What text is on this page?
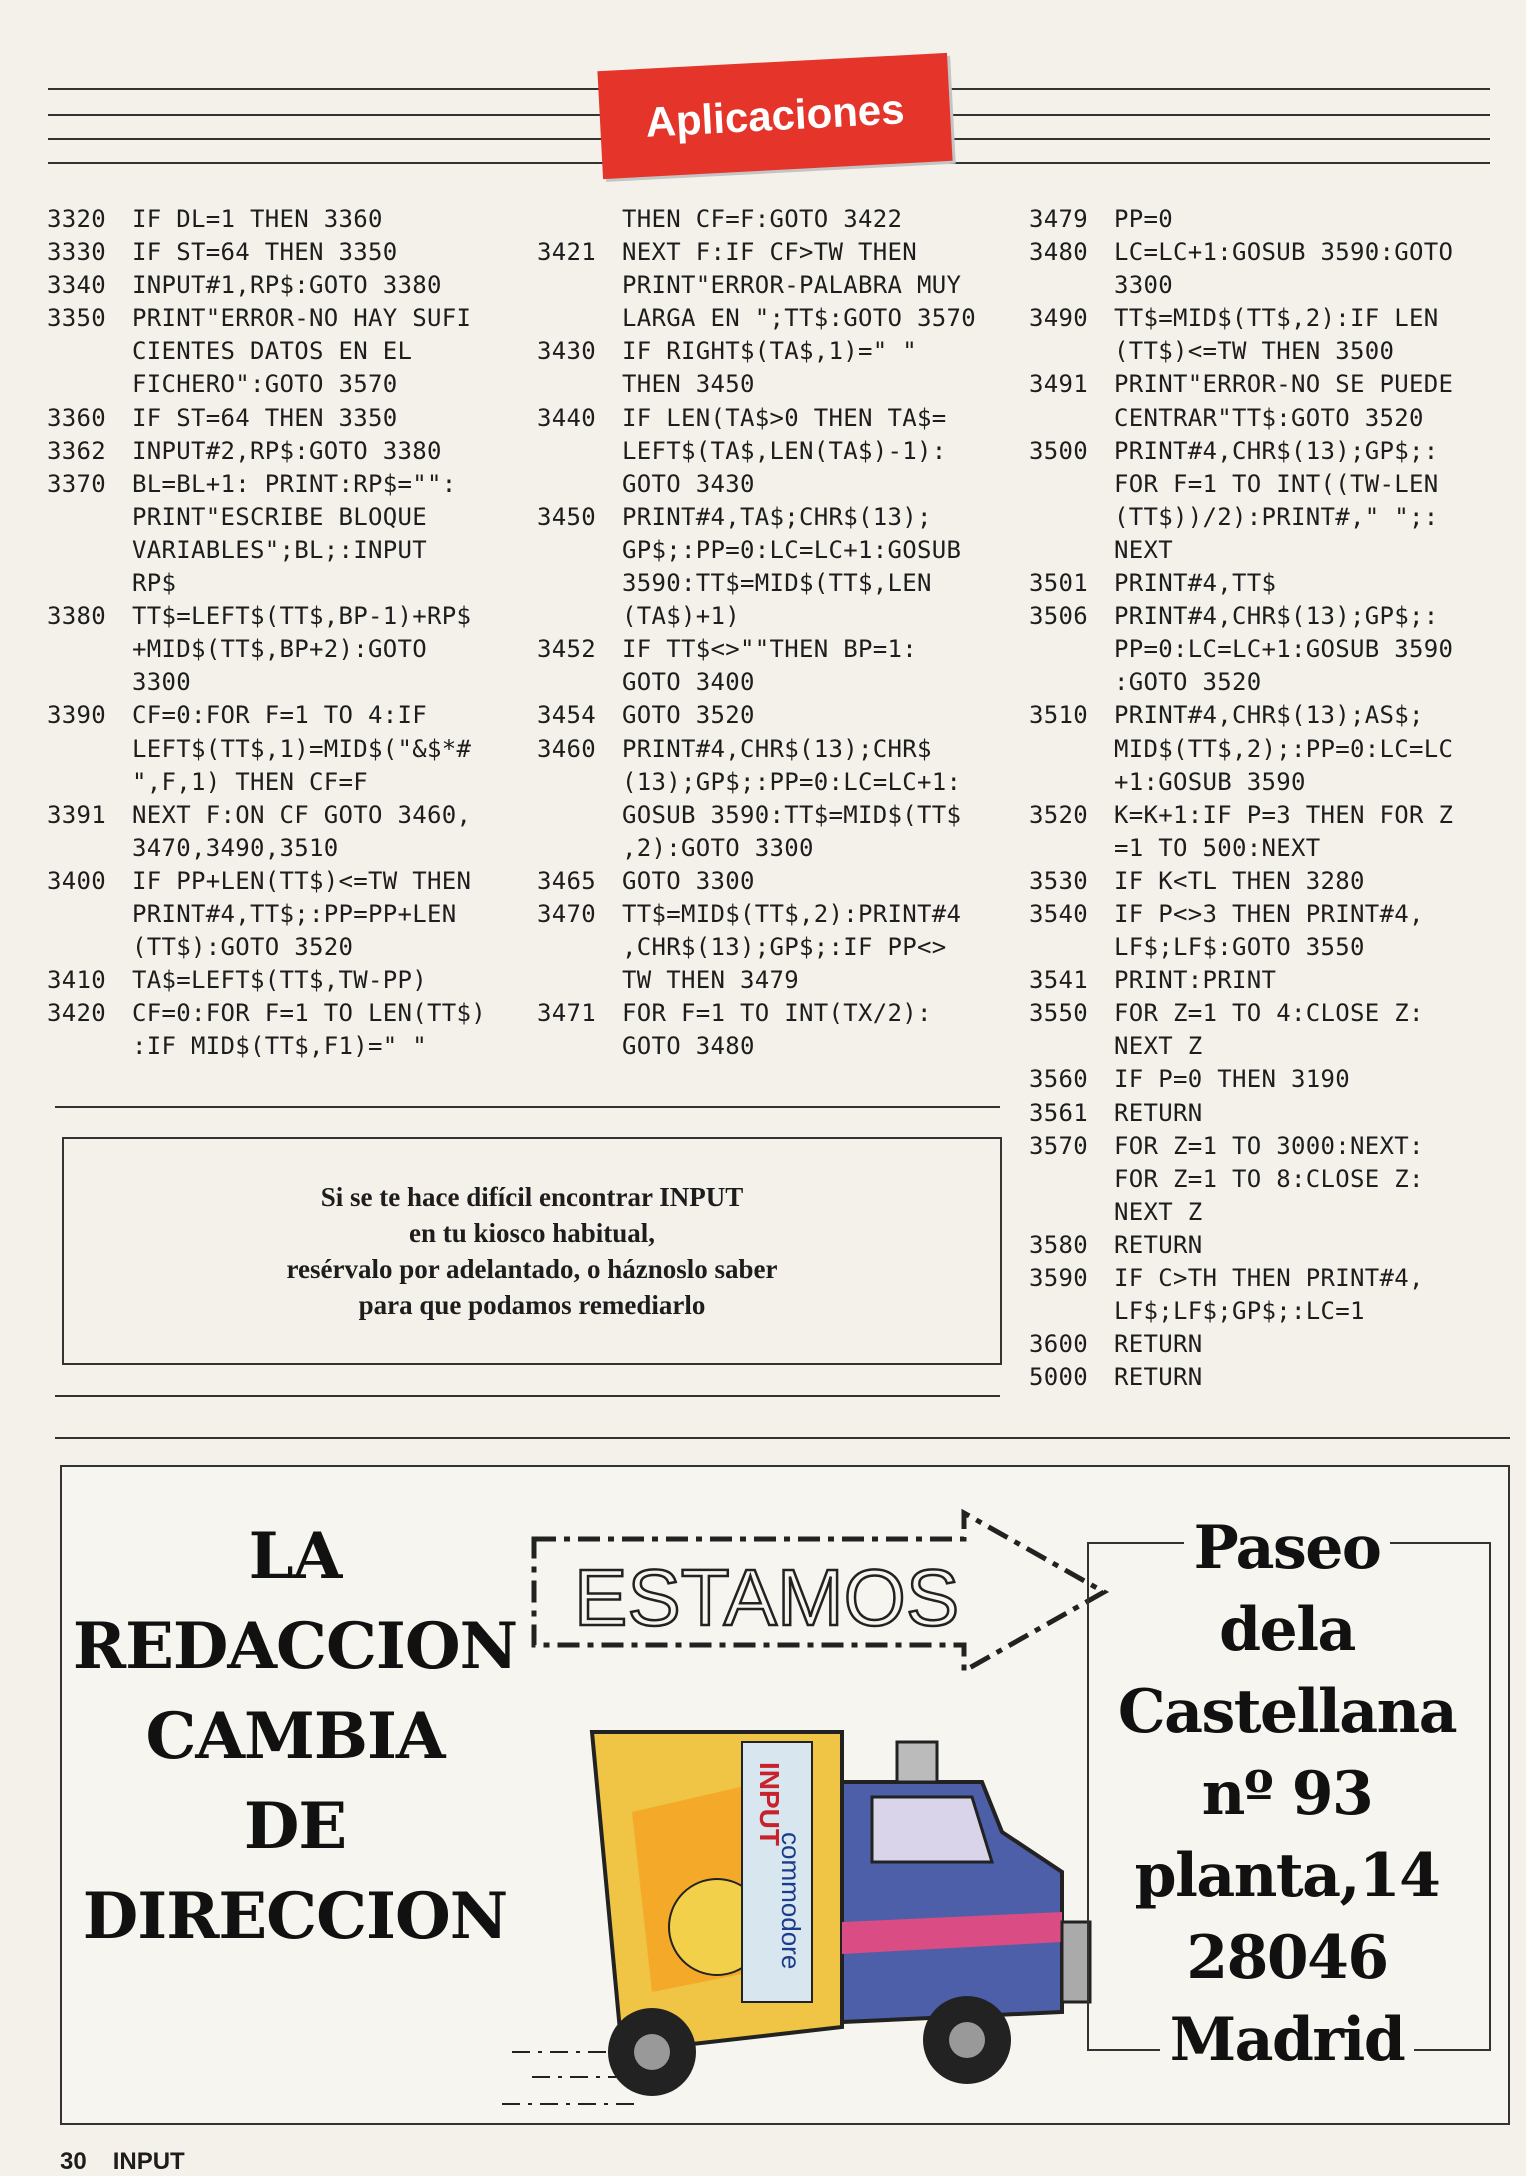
Aplicaciones
3320	IF DL=1 THEN 3360
3330	IF ST=64 THEN 3350
3340	INPUT#1,RP$:GOTO 3380
3350	PRINT"ERROR-NO HAY SUFI
CIENTES DATOS EN EL
FICHERO":GOTO 3570
3360	IF ST=64 THEN 3350
3362	INPUT#2,RP$:GOTO 3380
3370	BL=BL+1: PRINT:RP$="":
PRINT"ESCRIBE BLOQUE
VARIABLES";BL;:INPUT
RP$
3380	TT$=LEFT$(TT$,BP-1)+RP$
+MID$(TT$,BP+2):GOTO
3300
3390	CF=0:FOR F=1 TO 4:IF
LEFT$(TT$,1)=MID$("&$*#
",F,1) THEN CF=F
3391	NEXT F:ON CF GOTO 3460,
3470,3490,3510
3400	IF PP+LEN(TT$)<=TW THEN
PRINT#4,TT$;:PP=PP+LEN
(TT$):GOTO 3520
3410	TA$=LEFT$(TT$,TW-PP)
3420	CF=0:FOR F=1 TO LEN(TT$)
:IF MID$(TT$,F1)=" "
THEN CF=F:GOTO 3422
3421	NEXT F:IF CF>TW THEN
PRINT"ERROR-PALABRA MUY
LARGA EN ";TT$:GOTO 3570
3430	IF RIGHT$(TA$,1)=" "
THEN 3450
3440	IF LEN(TA$>0 THEN TA$=
LEFT$(TA$,LEN(TA$)-1):
GOTO 3430
3450	PRINT#4,TA$;CHR$(13);
GP$;:PP=0:LC=LC+1:GOSUB
3590:TT$=MID$(TT$,LEN
(TA$)+1)
3452	IF TT$<>""THEN BP=1:
GOTO 3400
3454	GOTO 3520
3460	PRINT#4,CHR$(13);CHR$
(13);GP$;:PP=0:LC=LC+1:
GOSUB 3590:TT$=MID$(TT$
,2):GOTO 3300
3465	GOTO 3300
3470	TT$=MID$(TT$,2):PRINT#4
,CHR$(13);GP$;:IF PP<>
TW THEN 3479
3471	FOR F=1 TO INT(TX/2):
GOTO 3480
3479	PP=0
3480	LC=LC+1:GOSUB 3590:GOTO
3300
3490	TT$=MID$(TT$,2):IF LEN
(TT$)<=TW THEN 3500
3491	PRINT"ERROR-NO SE PUEDE
CENTRAR"TT$:GOTO 3520
3500	PRINT#4,CHR$(13);GP$;:
FOR F=1 TO INT((TW-LEN
(TT$))/2):PRINT#," ";:
NEXT
3501	PRINT#4,TT$
3506	PRINT#4,CHR$(13);GP$;:
PP=0:LC=LC+1:GOSUB 3590
:GOTO 3520
3510	PRINT#4,CHR$(13);AS$;
MID$(TT$,2);:PP=0:LC=LC
+1:GOSUB 3590
3520	K=K+1:IF P=3 THEN FOR Z
=1 TO 500:NEXT
3530	IF K<TL THEN 3280
3540	IF P<>3 THEN PRINT#4,
LF$;LF$:GOTO 3550
3541	PRINT:PRINT
3550	FOR Z=1 TO 4:CLOSE Z:
NEXT Z
3560	IF P=0 THEN 3190
3561	RETURN
3570	FOR Z=1 TO 3000:NEXT:
FOR Z=1 TO 8:CLOSE Z:
NEXT Z
3580	RETURN
3590	IF C>TH THEN PRINT#4,
LF$;LF$;GP$;:LC=1
3600	RETURN
5000	RETURN
Si se te hace difícil encontrar INPUT
en tu kiosco habitual,
resérvalo por adelantado, o háznoslo saber
para que podamos remediarlo
LA
REDACCION
CAMBIA
DE
DIRECCION
ESTAMOS
INPUT
commodore
Paseo
dela
Castellana
nº 93
planta,14
28046
Madrid
30 INPUT
